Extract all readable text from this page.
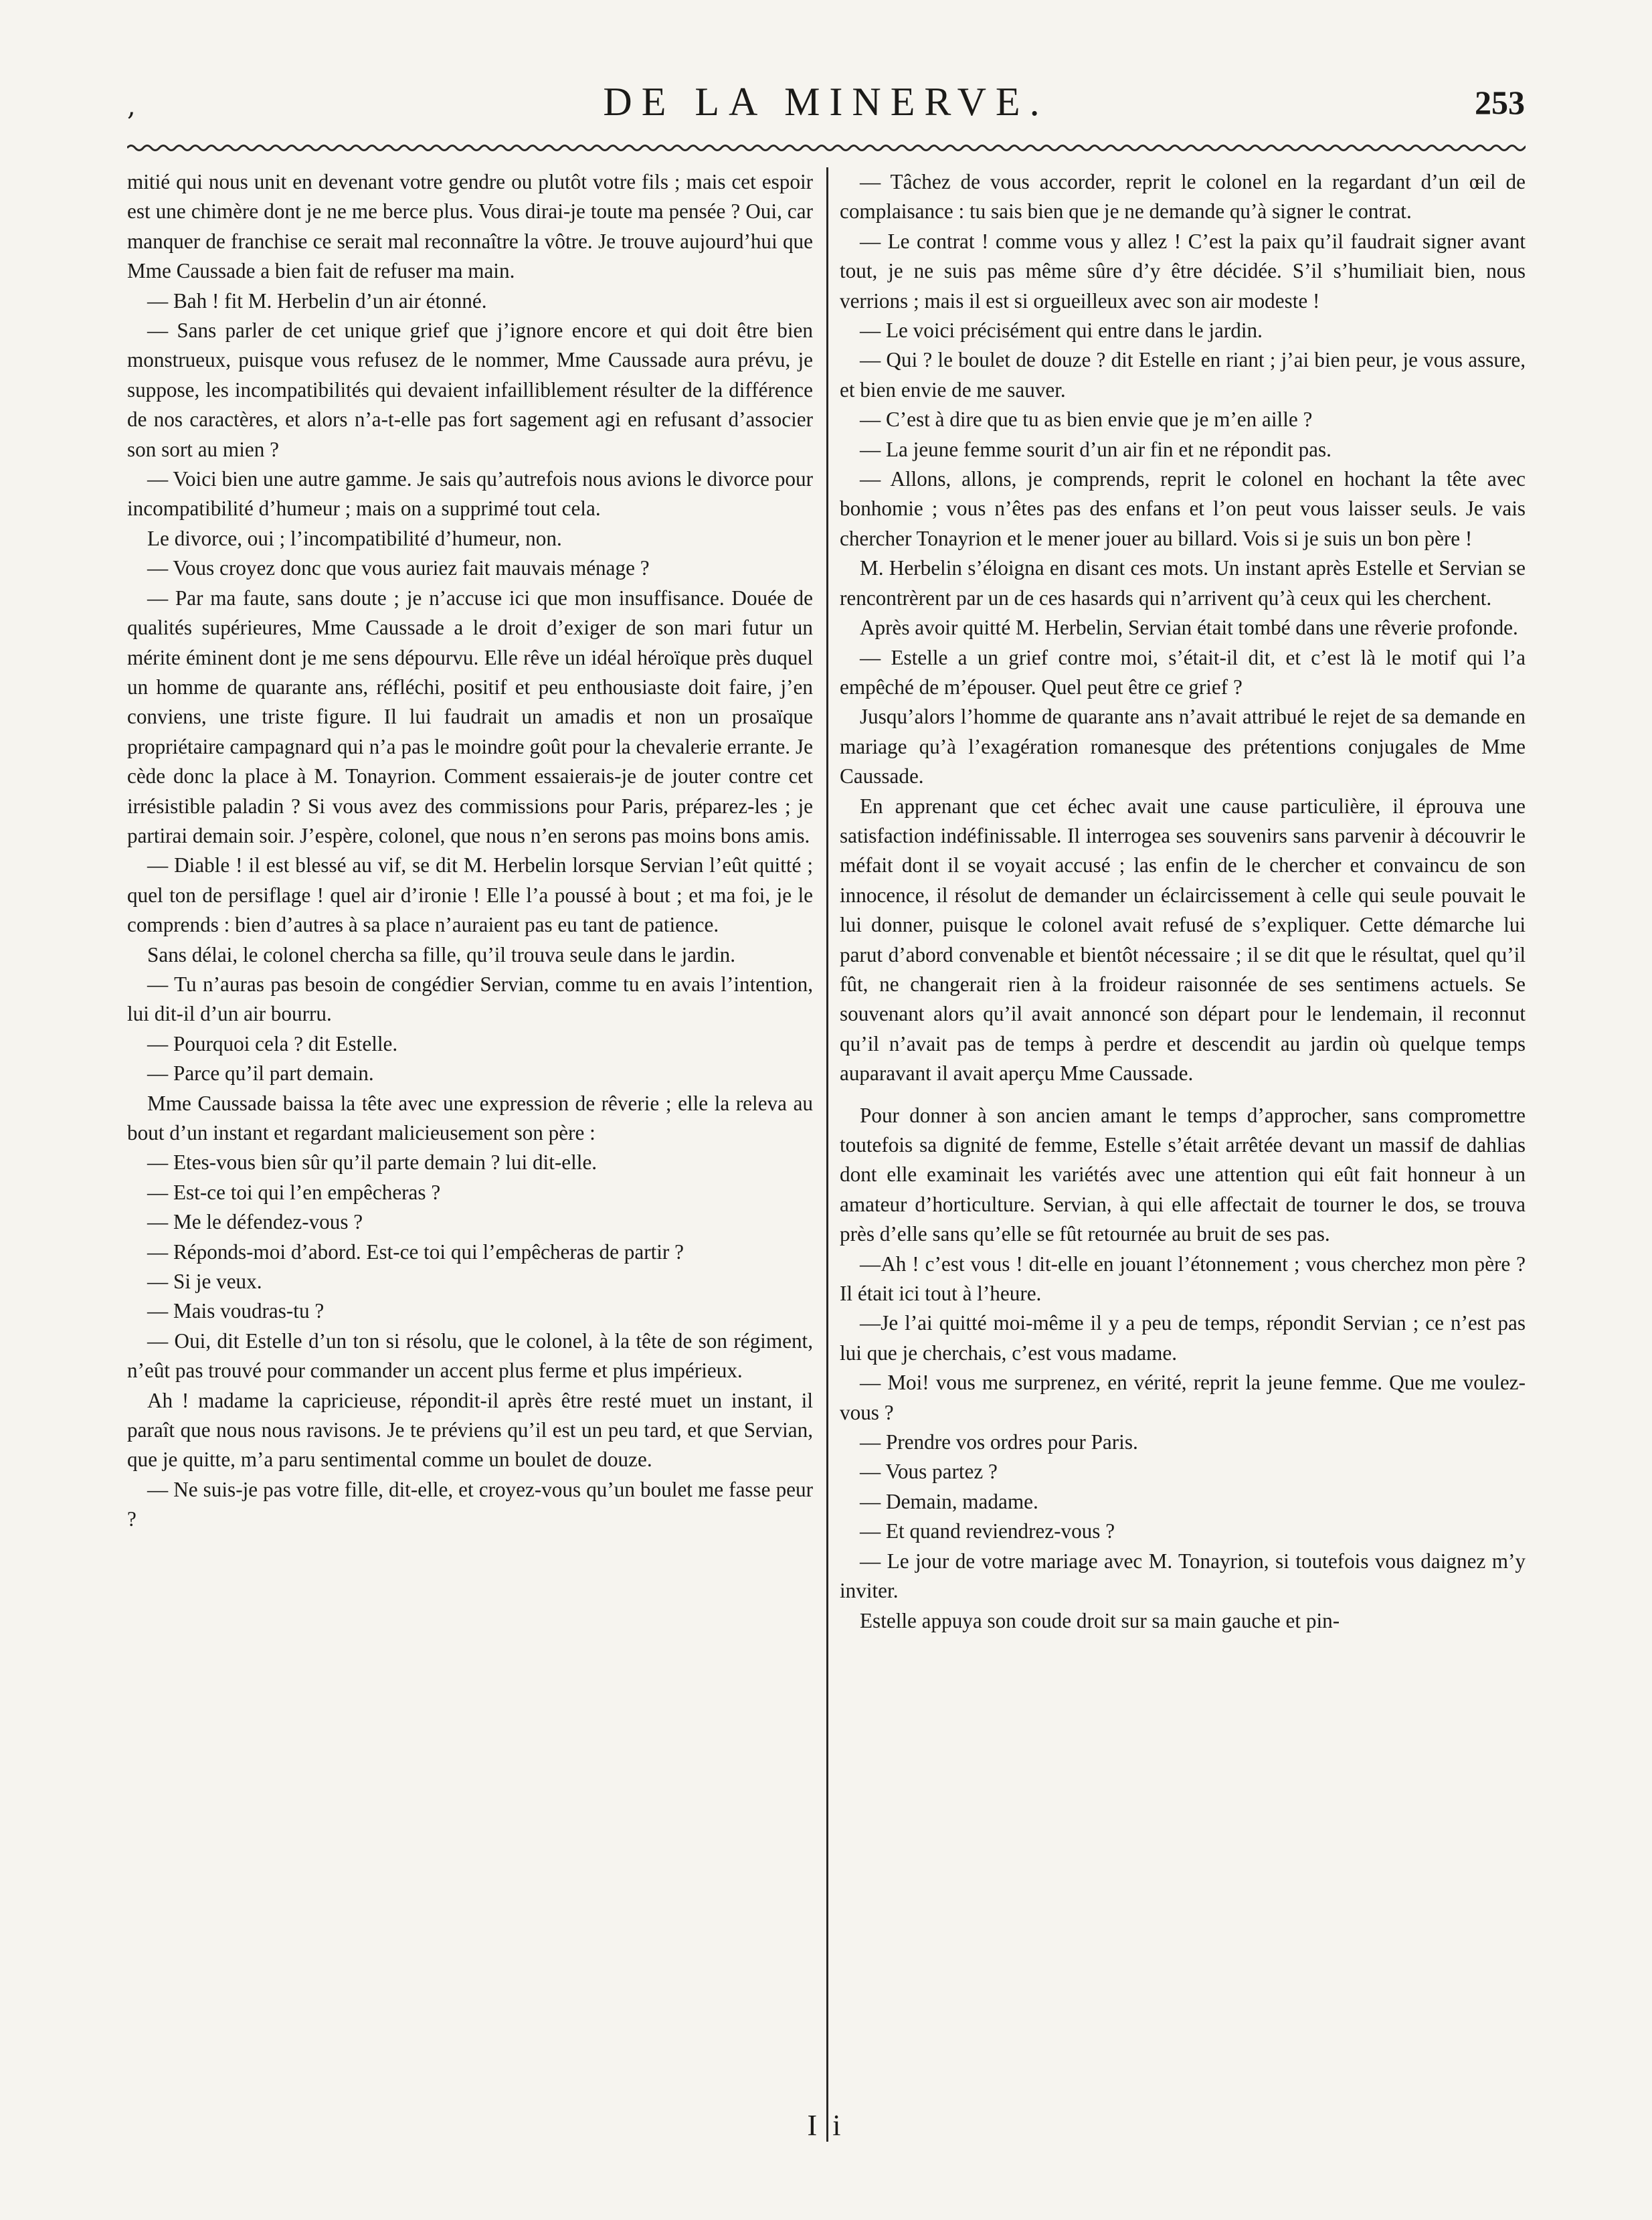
,	DE LA MINERVE.	253

mitié qui nous unit en devenant votre gendre ou plutôt votre fils ; mais cet espoir est une chimère dont je ne me berce plus. Vous dirai-je toute ma pensée ? Oui, car manquer de franchise ce serait mal reconnaître la vôtre. Je trouve aujourd’hui que Mme Caussade a bien fait de refuser ma main.

— Bah ! fit M. Herbelin d’un air étonné.

— Sans parler de cet unique grief que j’ignore encore et qui doit être bien monstrueux, puisque vous refusez de le nommer, Mme Caussade aura prévu, je suppose, les incompatibilités qui devaient infailliblement résulter de la différence de nos caractères, et alors n’a-t-elle pas fort sagement agi en refusant d’associer son sort au mien ?

— Voici bien une autre gamme. Je sais qu’autrefois nous avions le divorce pour incompatibilité d’humeur ; mais on a supprimé tout cela.

Le divorce, oui ; l’incompatibilité d’humeur, non.

— Vous croyez donc que vous auriez fait mauvais ménage ?

— Par ma faute, sans doute ; je n’accuse ici que mon insuffisance. Douée de qualités supérieures, Mme Caussade a le droit d’exiger de son mari futur un mérite éminent dont je me sens dépourvu. Elle rêve un idéal héroïque près duquel un homme de quarante ans, réfléchi, positif et peu enthousiaste doit faire, j’en conviens, une triste figure. Il lui faudrait un amadis et non un prosaïque propriétaire campagnard qui n’a pas le moindre goût pour la chevalerie errante. Je cède donc la place à M. Tonayrion. Comment essaierais-je de jouter contre cet irrésistible paladin ? Si vous avez des commissions pour Paris, préparez-les ; je partirai demain soir. J’espère, colonel, que nous n’en serons pas moins bons amis.

— Diable ! il est blessé au vif, se dit M. Herbelin lorsque Servian l’eût quitté ; quel ton de persiflage ! quel air d’ironie ! Elle l’a poussé à bout ; et ma foi, je le comprends : bien d’autres à sa place n’auraient pas eu tant de patience.

Sans délai, le colonel chercha sa fille, qu’il trouva seule dans le jardin.

— Tu n’auras pas besoin de congédier Servian, comme tu en avais l’intention, lui dit-il d’un air bourru.

— Pourquoi cela ? dit Estelle.

— Parce qu’il part demain.

Mme Caussade baissa la tête avec une expression de rêverie ; elle la releva au bout d’un instant et regardant malicieusement son père :

— Etes-vous bien sûr qu’il parte demain ? lui dit-elle.

— Est-ce toi qui l’en empêcheras ?

— Me le défendez-vous ?

— Réponds-moi d’abord. Est-ce toi qui l’empêcheras de partir ?

— Si je veux.

— Mais voudras-tu ?

— Oui, dit Estelle d’un ton si résolu, que le colonel, à la tête de son régiment, n’eût pas trouvé pour commander un accent plus ferme et plus impérieux.

Ah ! madame la capricieuse, répondit-il après être resté muet un instant, il paraît que nous nous ravisons. Je te préviens qu’il est un peu tard, et que Servian, que je quitte, m’a paru sentimental comme un boulet de douze.

— Ne suis-je pas votre fille, dit-elle, et croyez-vous qu’un boulet me fasse peur ?

— Tâchez de vous accorder, reprit le colonel en la regardant d’un œil de complaisance : tu sais bien que je ne demande qu’à signer le contrat.

— Le contrat ! comme vous y allez ! C’est la paix qu’il faudrait signer avant tout, je ne suis pas même sûre d’y être décidée. S’il s’humiliait bien, nous verrions ; mais il est si orgueilleux avec son air modeste !

— Le voici précisément qui entre dans le jardin.

— Qui ? le boulet de douze ? dit Estelle en riant ; j’ai bien peur, je vous assure, et bien envie de me sauver.

— C’est à dire que tu as bien envie que je m’en aille ?

— La jeune femme sourit d’un air fin et ne répondit pas.

— Allons, allons, je comprends, reprit le colonel en hochant la tête avec bonhomie ; vous n’êtes pas des enfans et l’on peut vous laisser seuls. Je vais chercher Tonayrion et le mener jouer au billard. Vois si je suis un bon père !

M. Herbelin s’éloigna en disant ces mots. Un instant après Estelle et Servian se rencontrèrent par un de ces hasards qui n’arrivent qu’à ceux qui les cherchent.

Après avoir quitté M. Herbelin, Servian était tombé dans une rêverie profonde.

— Estelle a un grief contre moi, s’était-il dit, et c’est là le motif qui l’a empêché de m’épouser. Quel peut être ce grief ?

Jusqu’alors l’homme de quarante ans n’avait attribué le rejet de sa demande en mariage qu’à l’exagération romanesque des prétentions conjugales de Mme Caussade.

En apprenant que cet échec avait une cause particulière, il éprouva une satisfaction indéfinissable. Il interrogea ses souvenirs sans parvenir à découvrir le méfait dont il se voyait accusé ; las enfin de le chercher et convaincu de son innocence, il résolut de demander un éclaircissement à celle qui seule pouvait le lui donner, puisque le colonel avait refusé de s’expliquer. Cette démarche lui parut d’abord convenable et bientôt nécessaire ; il se dit que le résultat, quel qu’il fût, ne changerait rien à la froideur raisonnée de ses sentimens actuels. Se souvenant alors qu’il avait annoncé son départ pour le lendemain, il reconnut qu’il n’avait pas de temps à perdre et descendit au jardin où quelque temps auparavant il avait aperçu Mme Caussade.

Pour donner à son ancien amant le temps d’approcher, sans compromettre toutefois sa dignité de femme, Estelle s’était arrêtée devant un massif de dahlias dont elle examinait les variétés avec une attention qui eût fait honneur à un amateur d’horticulture. Servian, à qui elle affectait de tourner le dos, se trouva près d’elle sans qu’elle se fût retournée au bruit de ses pas.

—Ah ! c’est vous ! dit-elle en jouant l’étonnement ; vous cherchez mon père ? Il était ici tout à l’heure.

—Je l’ai quitté moi-même il y a peu de temps, répondit Servian ; ce n’est pas lui que je cherchais, c’est vous madame.

— Moi! vous me surprenez, en vérité, reprit la jeune femme. Que me voulez-vous ?

— Prendre vos ordres pour Paris.

— Vous partez ?

— Demain, madame.

— Et quand reviendrez-vous ?

— Le jour de votre mariage avec M. Tonayrion, si toutefois vous daignez m’y inviter.

Estelle appuya son coude droit sur sa main gauche et pin-

I i
